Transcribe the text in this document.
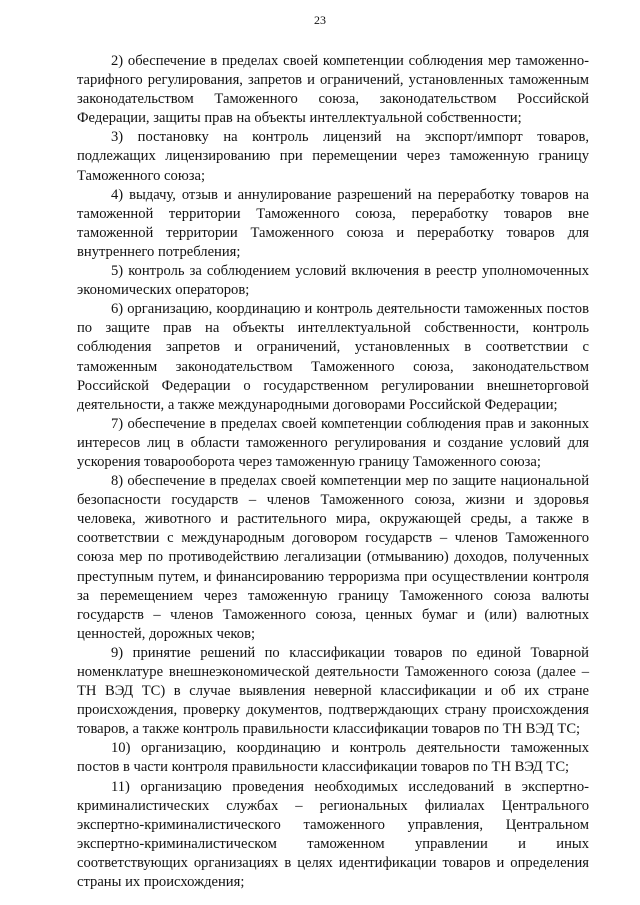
23

2) обеспечение в пределах своей компетенции соблюдения мер таможенно-тарифного регулирования, запретов и ограничений, установленных таможенным законодательством Таможенного союза, законодательством Российской Федерации, защиты прав на объекты интеллектуальной собственности;

3) постановку на контроль лицензий на экспорт/импорт товаров, подлежащих лицензированию при перемещении через таможенную границу Таможенного союза;

4) выдачу, отзыв и аннулирование разрешений на переработку товаров на таможенной территории Таможенного союза, переработку товаров вне таможенной территории Таможенного союза и переработку товаров для внутреннего потребления;

5) контроль за соблюдением условий включения в реестр уполномоченных экономических операторов;

6) организацию, координацию и контроль деятельности таможенных постов по защите прав на объекты интеллектуальной собственности, контроль соблюдения запретов и ограничений, установленных в соответствии с таможенным законодательством Таможенного союза, законодательством Российской Федерации о государственном регулировании внешнеторговой деятельности, а также международными договорами Российской Федерации;

7) обеспечение в пределах своей компетенции соблюдения прав и законных интересов лиц в области таможенного регулирования и создание условий для ускорения товарооборота через таможенную границу Таможенного союза;

8) обеспечение в пределах своей компетенции мер по защите национальной безопасности государств – членов Таможенного союза, жизни и здоровья человека, животного и растительного мира, окружающей среды, а также в соответствии с международным договором государств – членов Таможенного союза мер по противодействию легализации (отмыванию) доходов, полученных преступным путем, и финансированию терроризма при осуществлении контроля за перемещением через таможенную границу Таможенного союза валюты государств – членов Таможенного союза, ценных бумаг и (или) валютных ценностей, дорожных чеков;

9) принятие решений по классификации товаров по единой Товарной номенклатуре внешнеэкономической деятельности Таможенного союза (далее – ТН ВЭД ТС) в случае выявления неверной классификации и об их стране происхождения, проверку документов, подтверждающих страну происхождения товаров, а также контроль правильности классификации товаров по ТН ВЭД ТС;

10) организацию, координацию и контроль деятельности таможенных постов в части контроля правильности классификации товаров по ТН ВЭД ТС;

11) организацию проведения необходимых исследований в экспертно-криминалистических службах – региональных филиалах Центрального экспертно-криминалистического таможенного управления, Центральном экспертно-криминалистическом таможенном управлении и иных соответствующих организациях в целях идентификации товаров и определения страны их происхождения;
